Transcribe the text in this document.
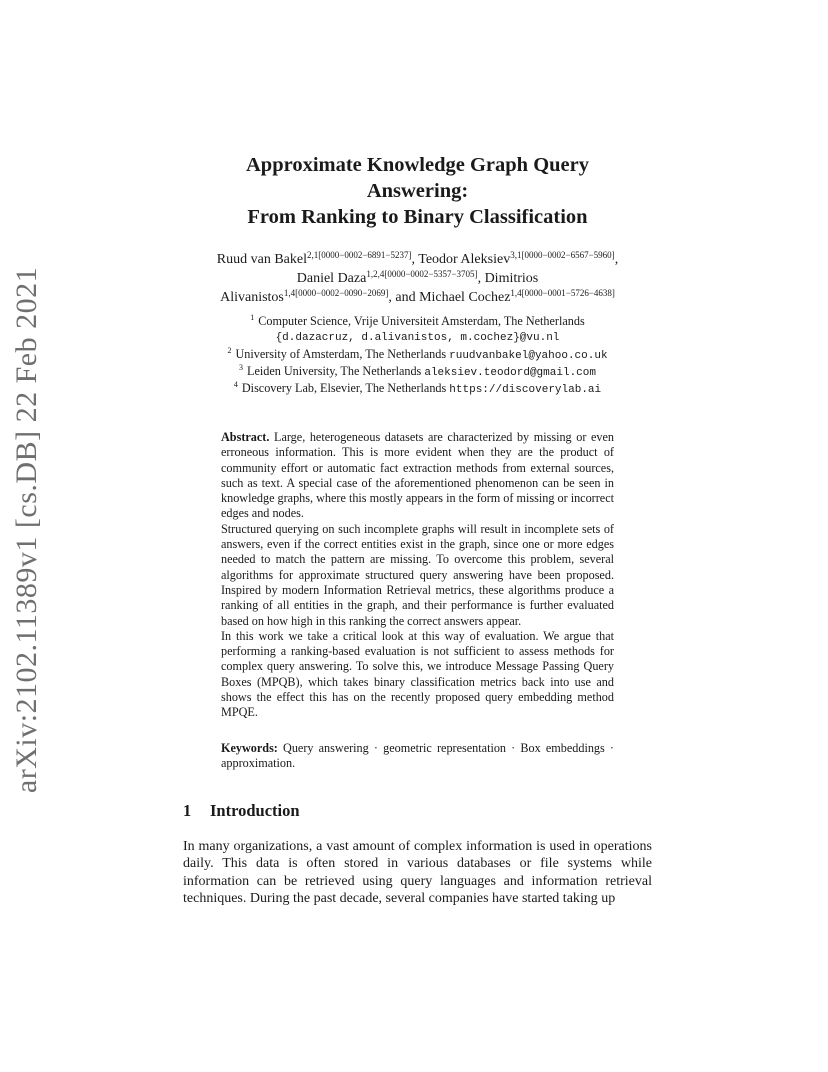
arXiv:2102.11389v1 [cs.DB] 22 Feb 2021
Approximate Knowledge Graph Query
Answering:
From Ranking to Binary Classification
Ruud van Bakel$^{2,1[0000-0002-6891-5237]}$, Teodor Aleksiev$^{3,1[0000-0002-6567-5960]}$,
Daniel Daza$^{1,2,4[0000-0002-5357-3705]}$, Dimitrios
Alivanistos$^{1,4[0000-0002-0090-2069]}$, and Michael Cochez$^{1,4[0000-0001-5726-4638]}$
$^1$ Computer Science, Vrije Universiteit Amsterdam, The Netherlands
{d.dazacruz, d.alivanistos, m.cochez}@vu.nl
$^2$ University of Amsterdam, The Netherlands ruudvanbakel@yahoo.co.uk
$^3$ Leiden University, The Netherlands aleksiev.teodord@gmail.com
$^4$ Discovery Lab, Elsevier, The Netherlands https://discoverylab.ai

Abstract. Large, heterogeneous datasets are characterized by missing or even erroneous information. This is more evident when they are the product of community effort or automatic fact extraction methods from external sources, such as text. A special case of the aforementioned phenomenon can be seen in knowledge graphs, where this mostly appears in the form of missing or incorrect edges and nodes.

Structured querying on such incomplete graphs will result in incomplete sets of answers, even if the correct entities exist in the graph, since one or more edges needed to match the pattern are missing. To overcome this problem, several algorithms for approximate structured query answering have been proposed. Inspired by modern Information Retrieval metrics, these algorithms produce a ranking of all entities in the graph, and their performance is further evaluated based on how high in this ranking the correct answers appear.

In this work we take a critical look at this way of evaluation. We argue that performing a ranking-based evaluation is not sufficient to assess methods for complex query answering. To solve this, we introduce Message Passing Query Boxes (MPQB), which takes binary classification metrics back into use and shows the effect this has on the recently proposed query embedding method MPQE.

Keywords: Query answering · geometric representation · Box embeddings · approximation.
1 Introduction

In many organizations, a vast amount of complex information is used in operations daily. This data is often stored in various databases or file systems while information can be retrieved using query languages and information retrieval techniques. During the past decade, several companies have started taking up
